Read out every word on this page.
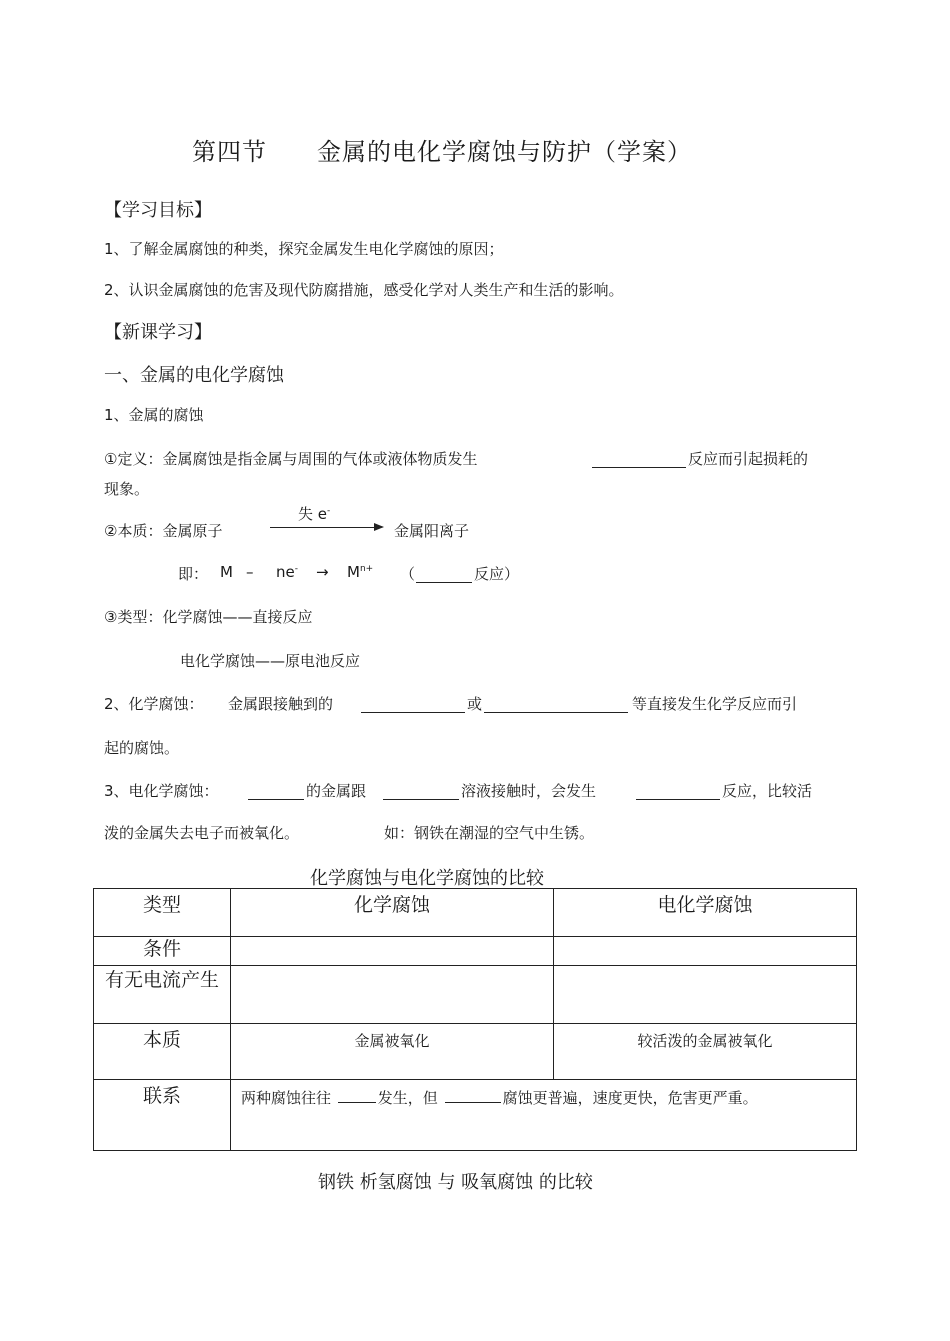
第四节　　金属的电化学腐蚀与防护（学案）
【学习目标】
1、了解金属腐蚀的种类，探究金属发生电化学腐蚀的原因；
2、认识金属腐蚀的危害及现代防腐措施，感受化学对人类生产和生活的影响。
【新课学习】
一、金属的电化学腐蚀
1、金属的腐蚀
①定义：金属腐蚀是指金属与周围的气体或液体物质发生	反应而引起损耗的
现象。
②本质：金属原子
失 e-
金属阳离子
即： $M - ne^- \to M^{n+}$ （	反应）
③类型：化学腐蚀——直接反应
电化学腐蚀——原电池反应
2、化学腐蚀： 金属跟接触到的	或	等直接发生化学反应而引
起的腐蚀。
3、电化学腐蚀：	的金属跟	溶液接触时，会发生	反应，比较活
泼的金属失去电子而被氧化。	如：钢铁在潮湿的空气中生锈。
化学腐蚀与电化学腐蚀的比较
类型	化学腐蚀	电化学腐蚀
条件		
有无电流产生		
本质	金属被氧化	较活泼的金属被氧化
联系	两种腐蚀往往 发生，但 腐蚀更普遍，速度更快，危害更严重。	
钢铁 析氢腐蚀 与 吸氧腐蚀 的比较
